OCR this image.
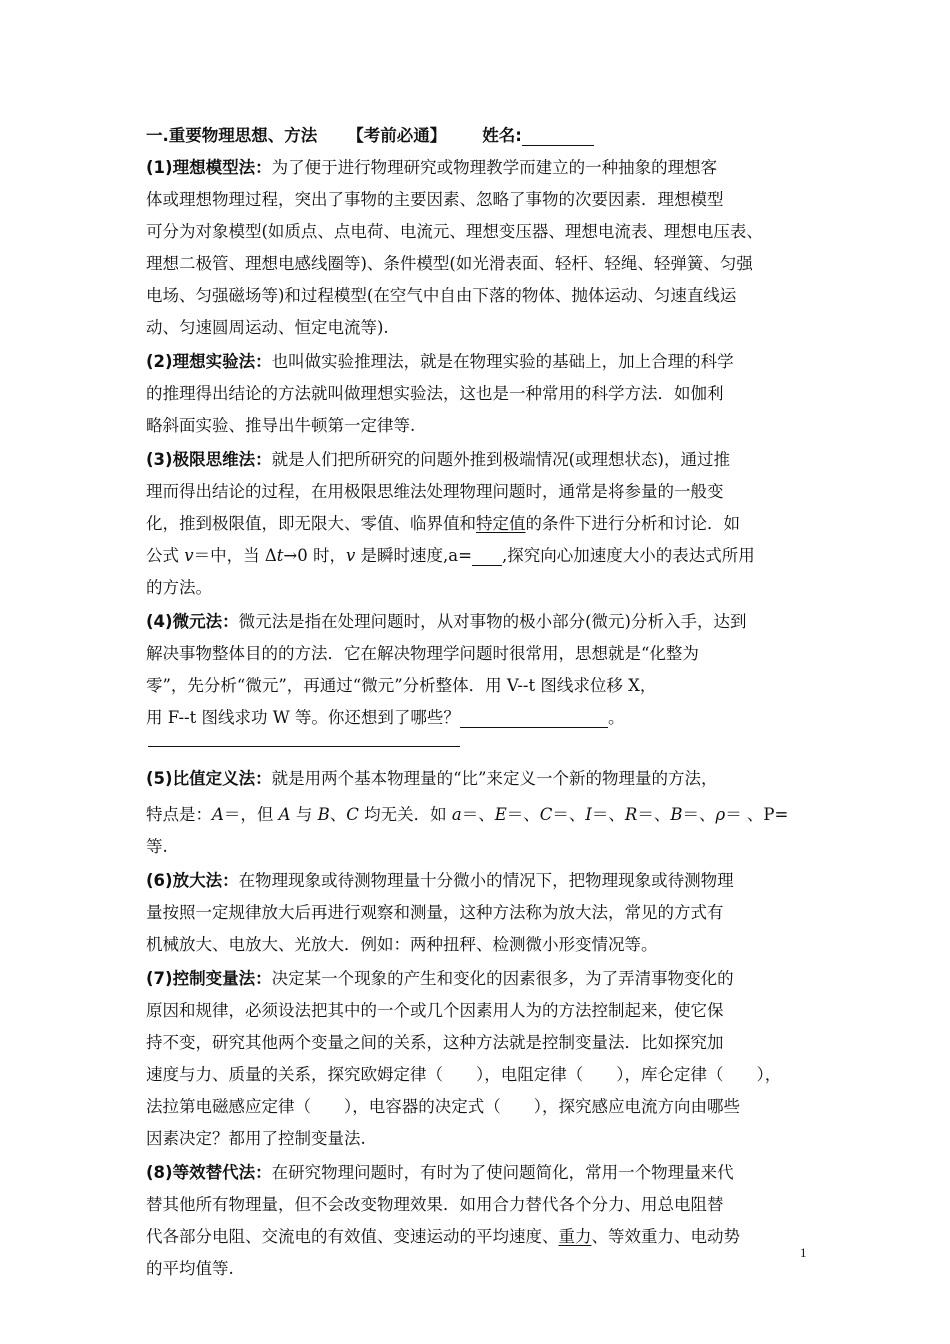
一.重要物理思想、方法 【考前必通】 姓名:
(1)理想模型法：为了便于进行物理研究或物理教学而建立的一种抽象的理想客
体或理想物理过程，突出了事物的主要因素、忽略了事物的次要因素．理想模型
可分为对象模型(如质点、点电荷、电流元、理想变压器、理想电流表、理想电压表、
理想二极管、理想电感线圈等)、条件模型(如光滑表面、轻杆、轻绳、轻弹簧、匀强
电场、匀强磁场等)和过程模型(在空气中自由下落的物体、抛体运动、匀速直线运
动、匀速圆周运动、恒定电流等).
(2)理想实验法：也叫做实验推理法，就是在物理实验的基础上，加上合理的科学
的推理得出结论的方法就叫做理想实验法，这也是一种常用的科学方法．如伽利
略斜面实验、推导出牛顿第一定律等.
(3)极限思维法：就是人们把所研究的问题外推到极端情况(或理想状态)，通过推
理而得出结论的过程，在用极限思维法处理物理问题时，通常是将参量的一般变
化，推到极限值，即无限大、零值、临界值和特定值的条件下进行分析和讨论．如
公式 v＝中，当 Δt→0 时，v 是瞬时速度,a= ,探究向心加速度大小的表达式所用
的方法。
(4)微元法：微元法是指在处理问题时，从对事物的极小部分(微元)分析入手，达到
解决事物整体目的的方法．它在解决物理学问题时很常用，思想就是“化整为
零”，先分析“微元”，再通过“微元”分析整体．用 V--t 图线求位移 X，
用 F--t 图线求功 W 等。你还想到了哪些？	。
(5)比值定义法：就是用两个基本物理量的“比”来定义一个新的物理量的方法，
特点是：A＝，但 A 与 B、C 均无关．如 a＝、E＝、C＝、I＝、R＝、B＝、ρ＝ 、P=
等.
(6)放大法：在物理现象或待测物理量十分微小的情况下，把物理现象或待测物理
量按照一定规律放大后再进行观察和测量，这种方法称为放大法，常见的方式有
机械放大、电放大、光放大．例如：两种扭秤、检测微小形变情况等。
(7)控制变量法：决定某一个现象的产生和变化的因素很多，为了弄清事物变化的
原因和规律，必须设法把其中的一个或几个因素用人为的方法控制起来，使它保
持不变，研究其他两个变量之间的关系，这种方法就是控制变量法．比如探究加
速度与力、质量的关系，探究欧姆定律（　　），电阻定律（　　），库仑定律（　　），
法拉第电磁感应定律（　　），电容器的决定式（　　），探究感应电流方向由哪些
因素决定？都用了控制变量法.
(8)等效替代法：在研究物理问题时，有时为了使问题简化，常用一个物理量来代
替其他所有物理量，但不会改变物理效果．如用合力替代各个分力、用总电阻替
代各部分电阻、交流电的有效值、变速运动的平均速度、重力、等效重力、电动势
的平均值等.
1
